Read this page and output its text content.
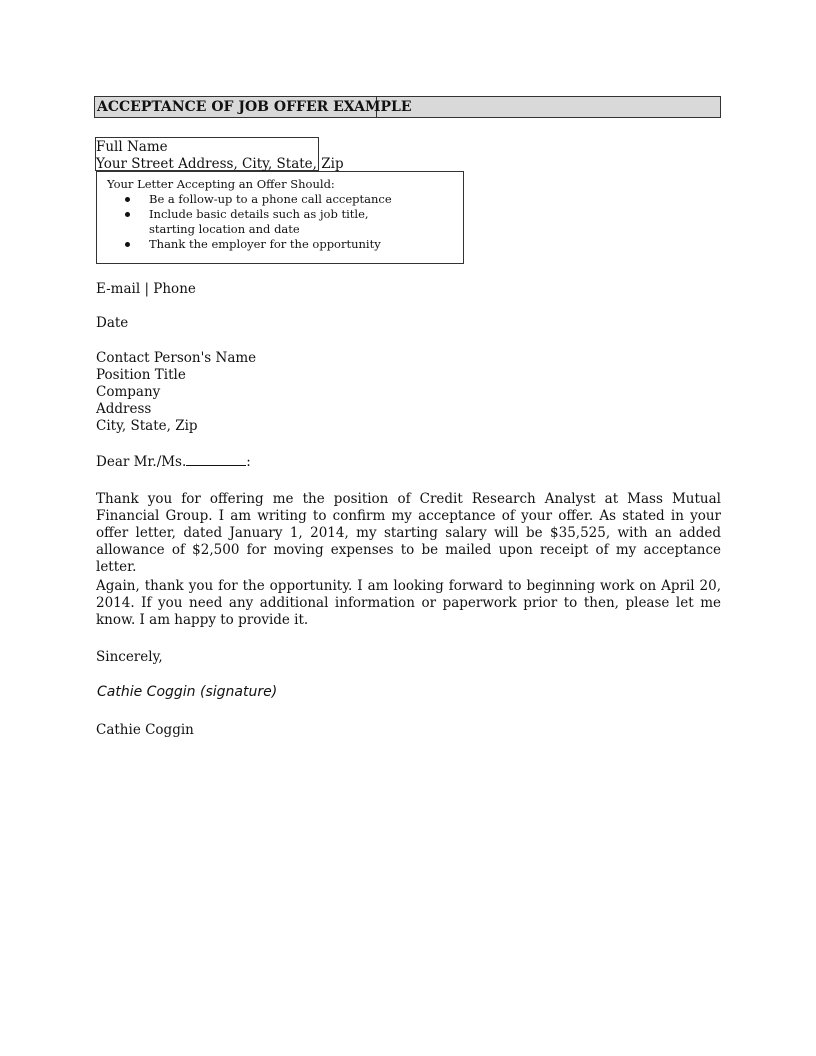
ACCEPTANCE OF JOB OFFER EXAMPLE
Full Name
Your Street Address, City, State, Zip
Your Letter Accepting an Offer Should:
Be a follow-up to a phone call acceptance
Include basic details such as job title,
starting location and date
Thank the employer for the opportunity
E-mail | Phone
Date
Contact Person's Name
Position Title
Company
Address
City, State, Zip
Dear Mr./Ms.	:
Thank you for offering me the position of Credit Research Analyst at Mass Mutual Financial Group. I am writing to confirm my acceptance of your offer. As stated in your offer letter, dated January 1, 2014, my starting salary will be $35,525, with an added allowance of $2,500 for moving expenses to be mailed upon receipt of my acceptance letter.
Again, thank you for the opportunity. I am looking forward to beginning work on April 20, 2014. If you need any additional information or paperwork prior to then, please let me know. I am happy to provide it.
Sincerely,
Cathie Coggin (signature)
Cathie Coggin
